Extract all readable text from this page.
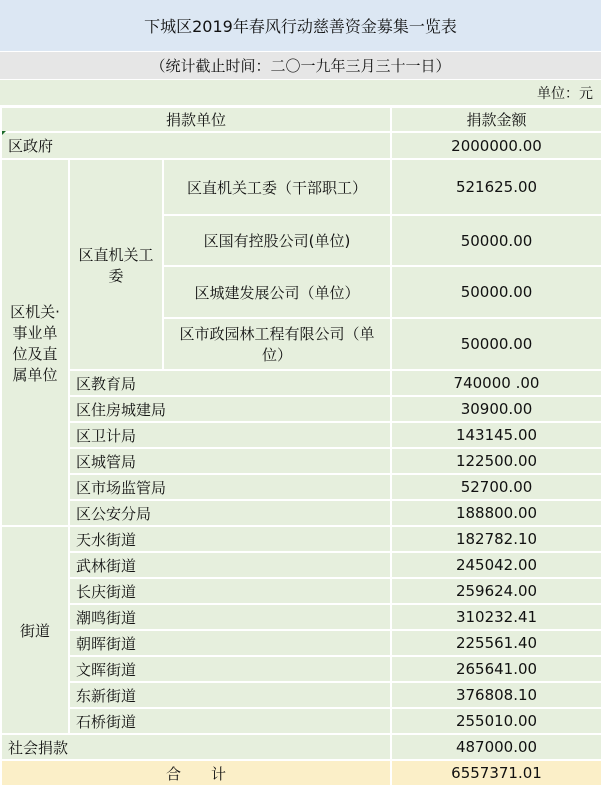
下城区2019年春风行动慈善资金募集一览表
（统计截止时间：二〇一九年三月三十一日）
单位：元
捐款单位			捐款金额
区政府			2000000.00
区机关·事业单位及直属单位	区直机关工委	区直机关工委（干部职工）	521625.00
		区国有控股公司(单位)	50000.00
		区城建发展公司（单位）	50000.00
		区市政园林工程有限公司（单位）	50000.00
	区教育局		740000 .00
	区住房城建局		30900.00
	区卫计局		143145.00
	区城管局		122500.00
	区市场监管局		52700.00
	区公安分局		188800.00
街道	天水街道		182782.10
	武林街道		245042.00
	长庆街道		259624.00
	潮鸣街道		310232.41
	朝晖街道		225561.40
	文晖街道		265641.00
	东新街道		376808.10
	石桥街道		255010.00
社会捐款			487000.00
合　　计			6557371.01
